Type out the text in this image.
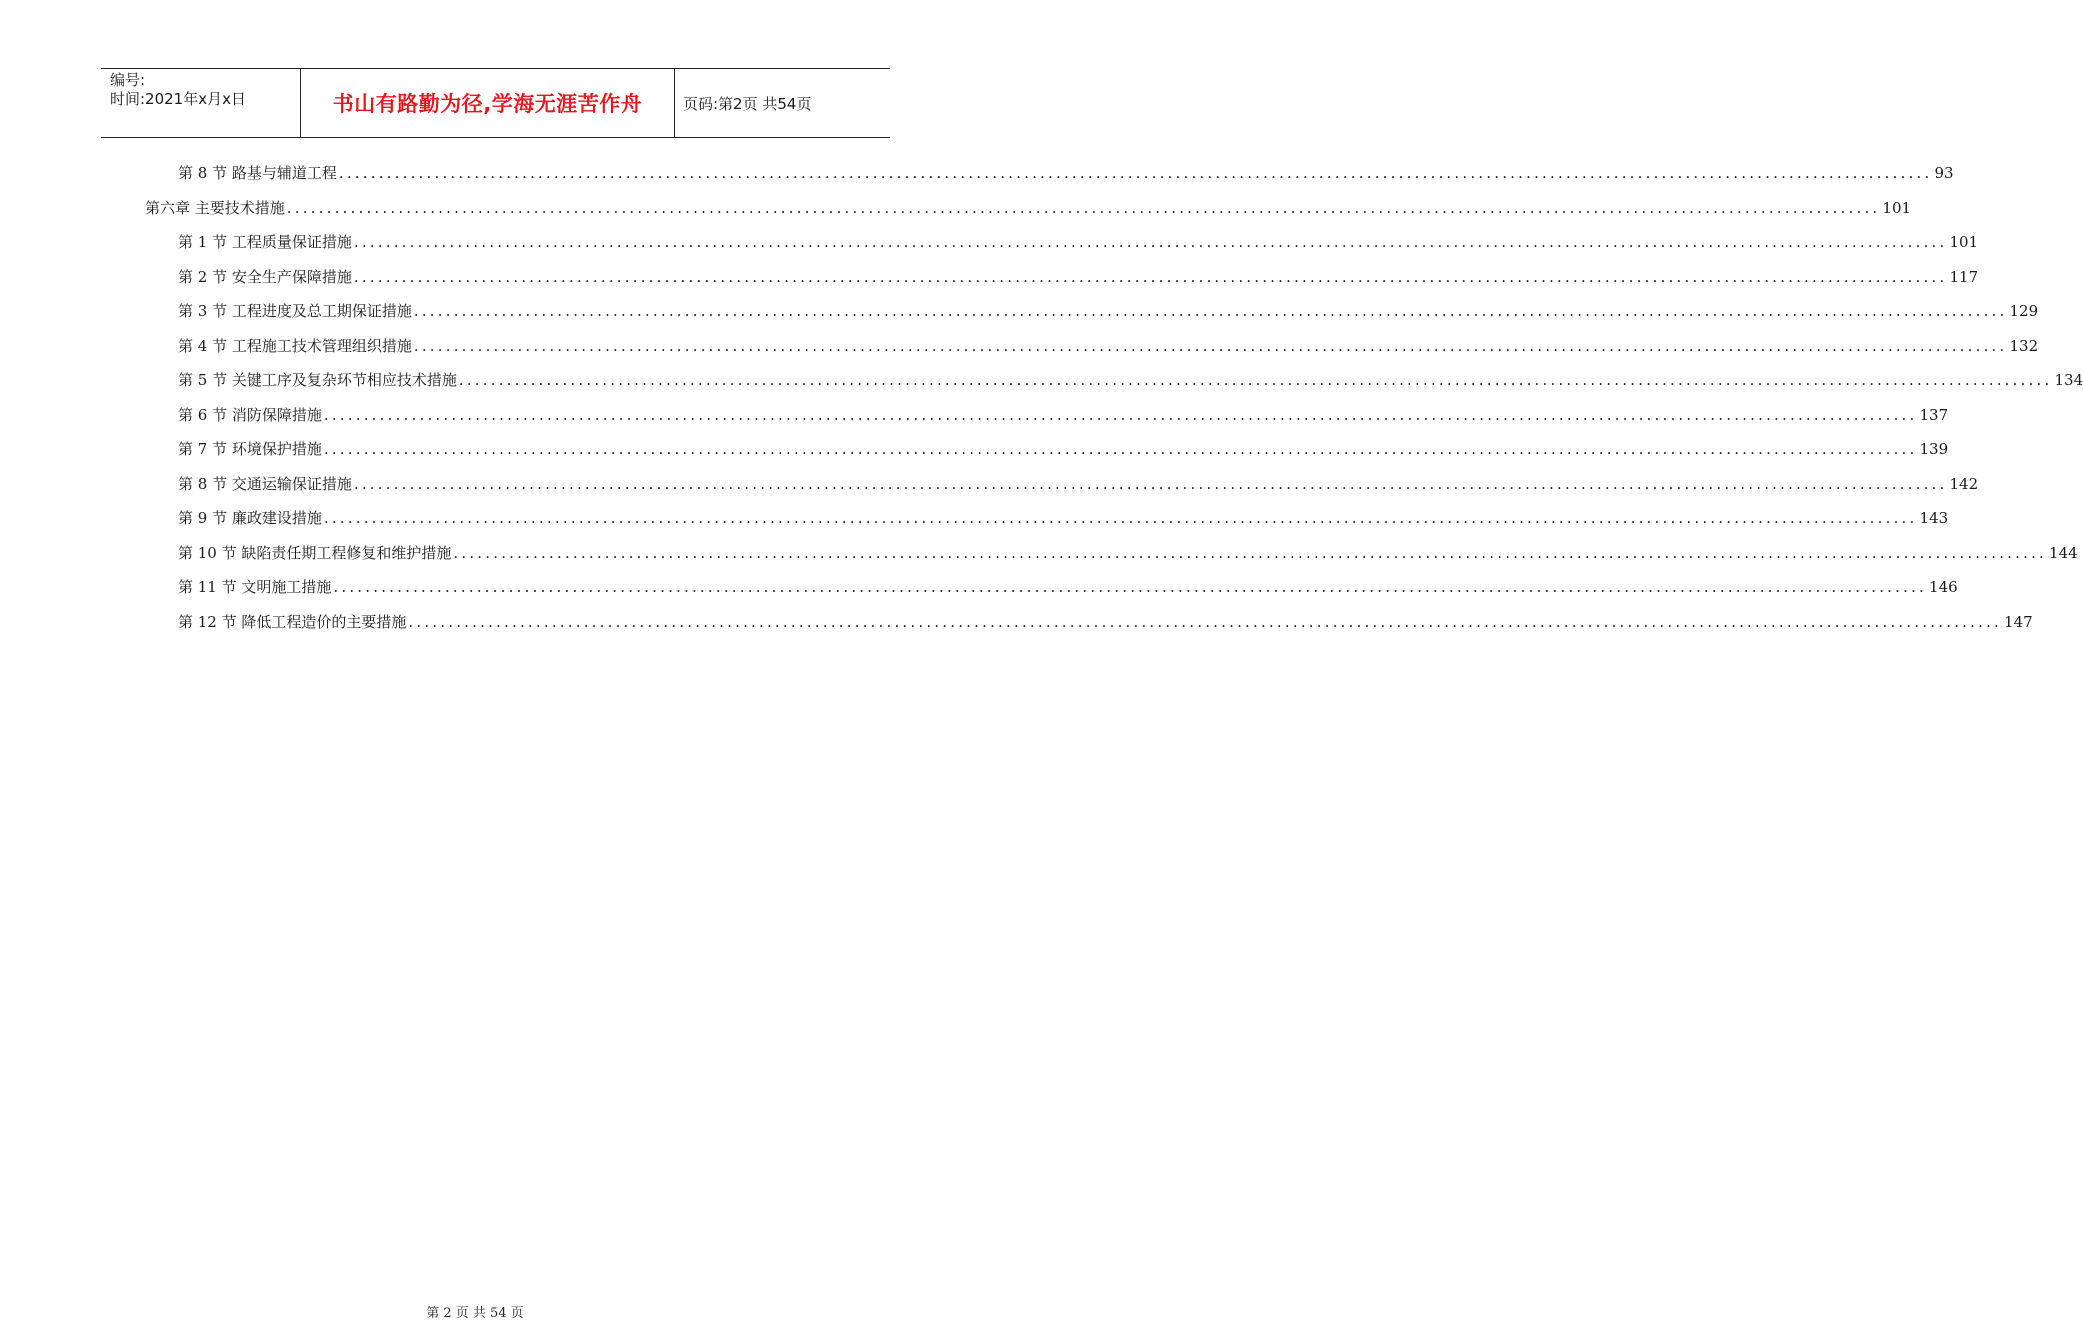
编号:
时间:2021年x月x日	书山有路勤为径,学海无涯苦作舟	页码:第2页 共54页
第 8 节 路基与辅道工程 ........................................................................................................................................................................................................ 93
第六章 主要技术措施 ........................................................................................................................................................................................................ 101
第 1 节 工程质量保证措施 ........................................................................................................................................................................................................ 101
第 2 节 安全生产保障措施 ........................................................................................................................................................................................................ 117
第 3 节 工程进度及总工期保证措施 ........................................................................................................................................................................................................ 129
第 4 节 工程施工技术管理组织措施 ........................................................................................................................................................................................................ 132
第 5 节 关键工序及复杂环节相应技术措施 ........................................................................................................................................................................................................ 134
第 6 节 消防保障措施 ........................................................................................................................................................................................................ 137
第 7 节 环境保护措施 ........................................................................................................................................................................................................ 139
第 8 节 交通运输保证措施 ........................................................................................................................................................................................................ 142
第 9 节 廉政建设措施 ........................................................................................................................................................................................................ 143
第 10 节 缺陷责任期工程修复和维护措施 ........................................................................................................................................................................................................ 144
第 11 节 文明施工措施 ........................................................................................................................................................................................................ 146
第 12 节 降低工程造价的主要措施 ........................................................................................................................................................................................................ 147
第 2 页 共 54 页
